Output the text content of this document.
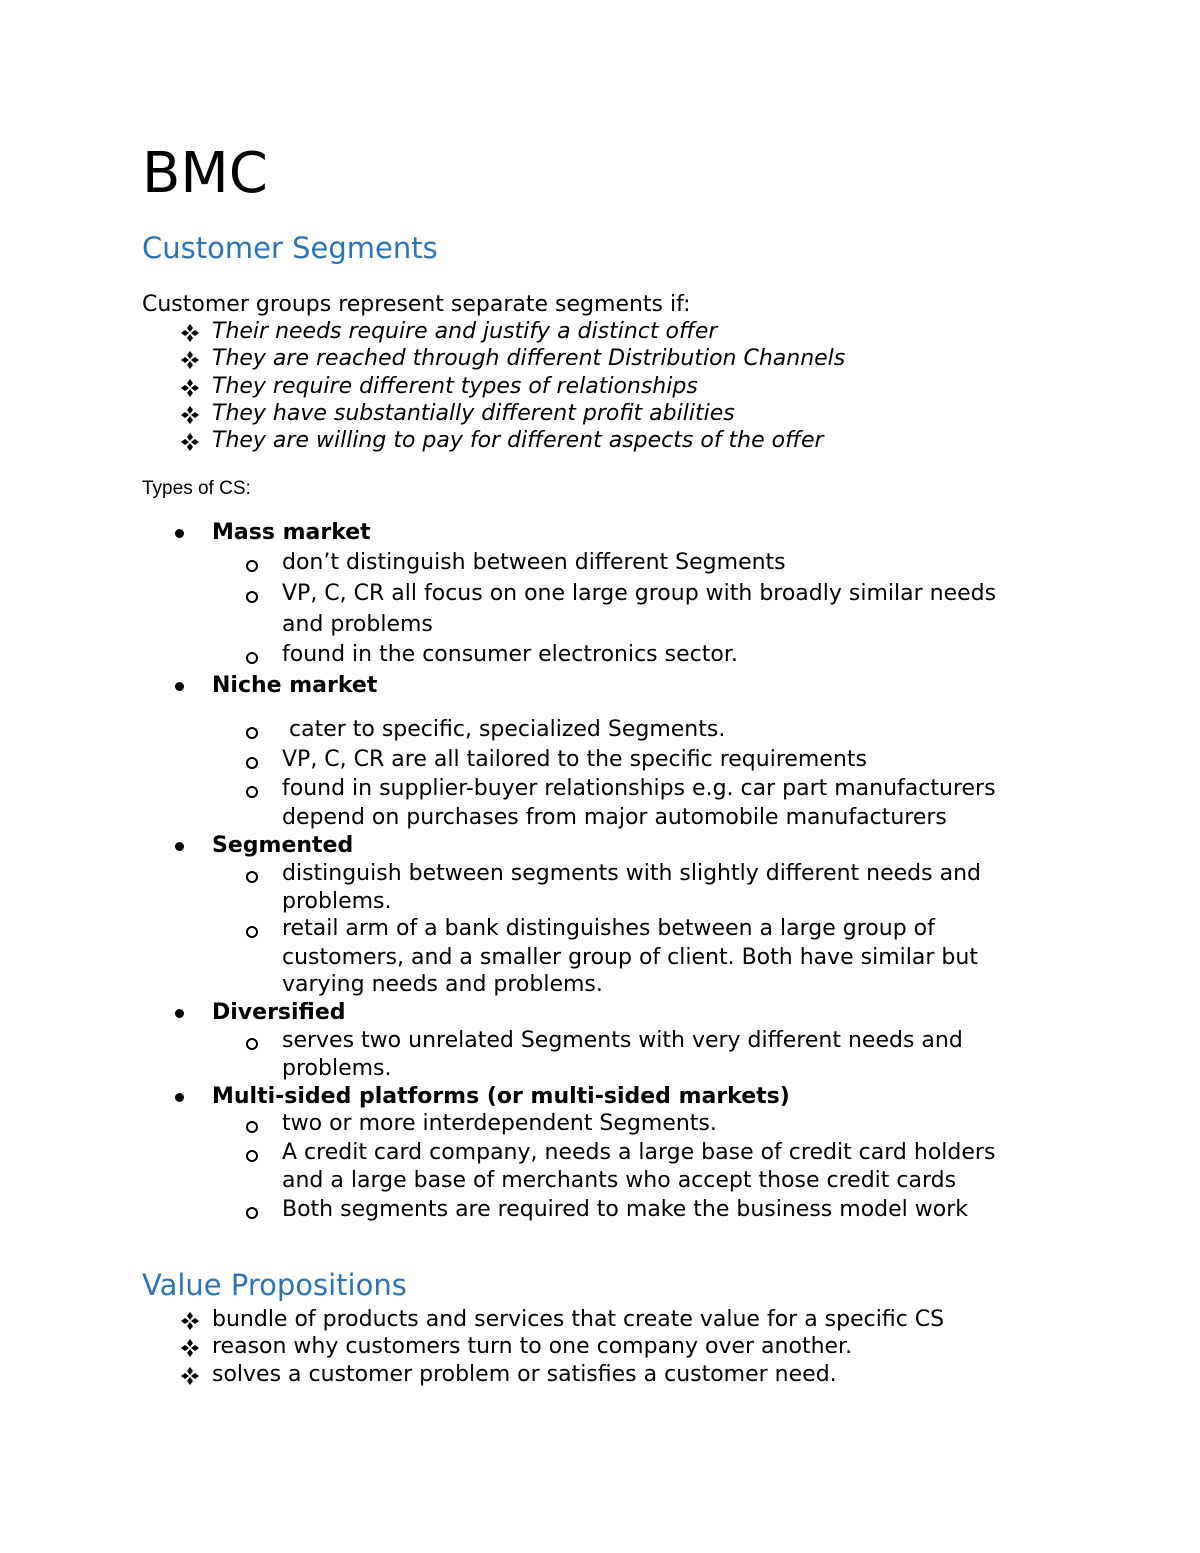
BMC
Customer Segments
Customer groups represent separate segments if:
Their needs require and justify a distinct offer
They are reached through different Distribution Channels
They require different types of relationships
They have substantially different profit abilities
They are willing to pay for different aspects of the offer
Types of CS:
Mass market
don’t distinguish between different Segments
VP, C, CR all focus on one large group with broadly similar needs
and problems
found in the consumer electronics sector.
Niche market
cater to specific, specialized Segments.
VP, C, CR are all tailored to the specific requirements
found in supplier-buyer relationships e.g. car part manufacturers
depend on purchases from major automobile manufacturers
Segmented
distinguish between segments with slightly different needs and
problems.
retail arm of a bank distinguishes between a large group of
customers, and a smaller group of client. Both have similar but
varying needs and problems.
Diversified
serves two unrelated Segments with very different needs and
problems.
Multi-sided platforms (or multi-sided markets)
two or more interdependent Segments.
A credit card company, needs a large base of credit card holders
and a large base of merchants who accept those credit cards
Both segments are required to make the business model work
Value Propositions
bundle of products and services that create value for a specific CS
reason why customers turn to one company over another.
solves a customer problem or satisfies a customer need.
